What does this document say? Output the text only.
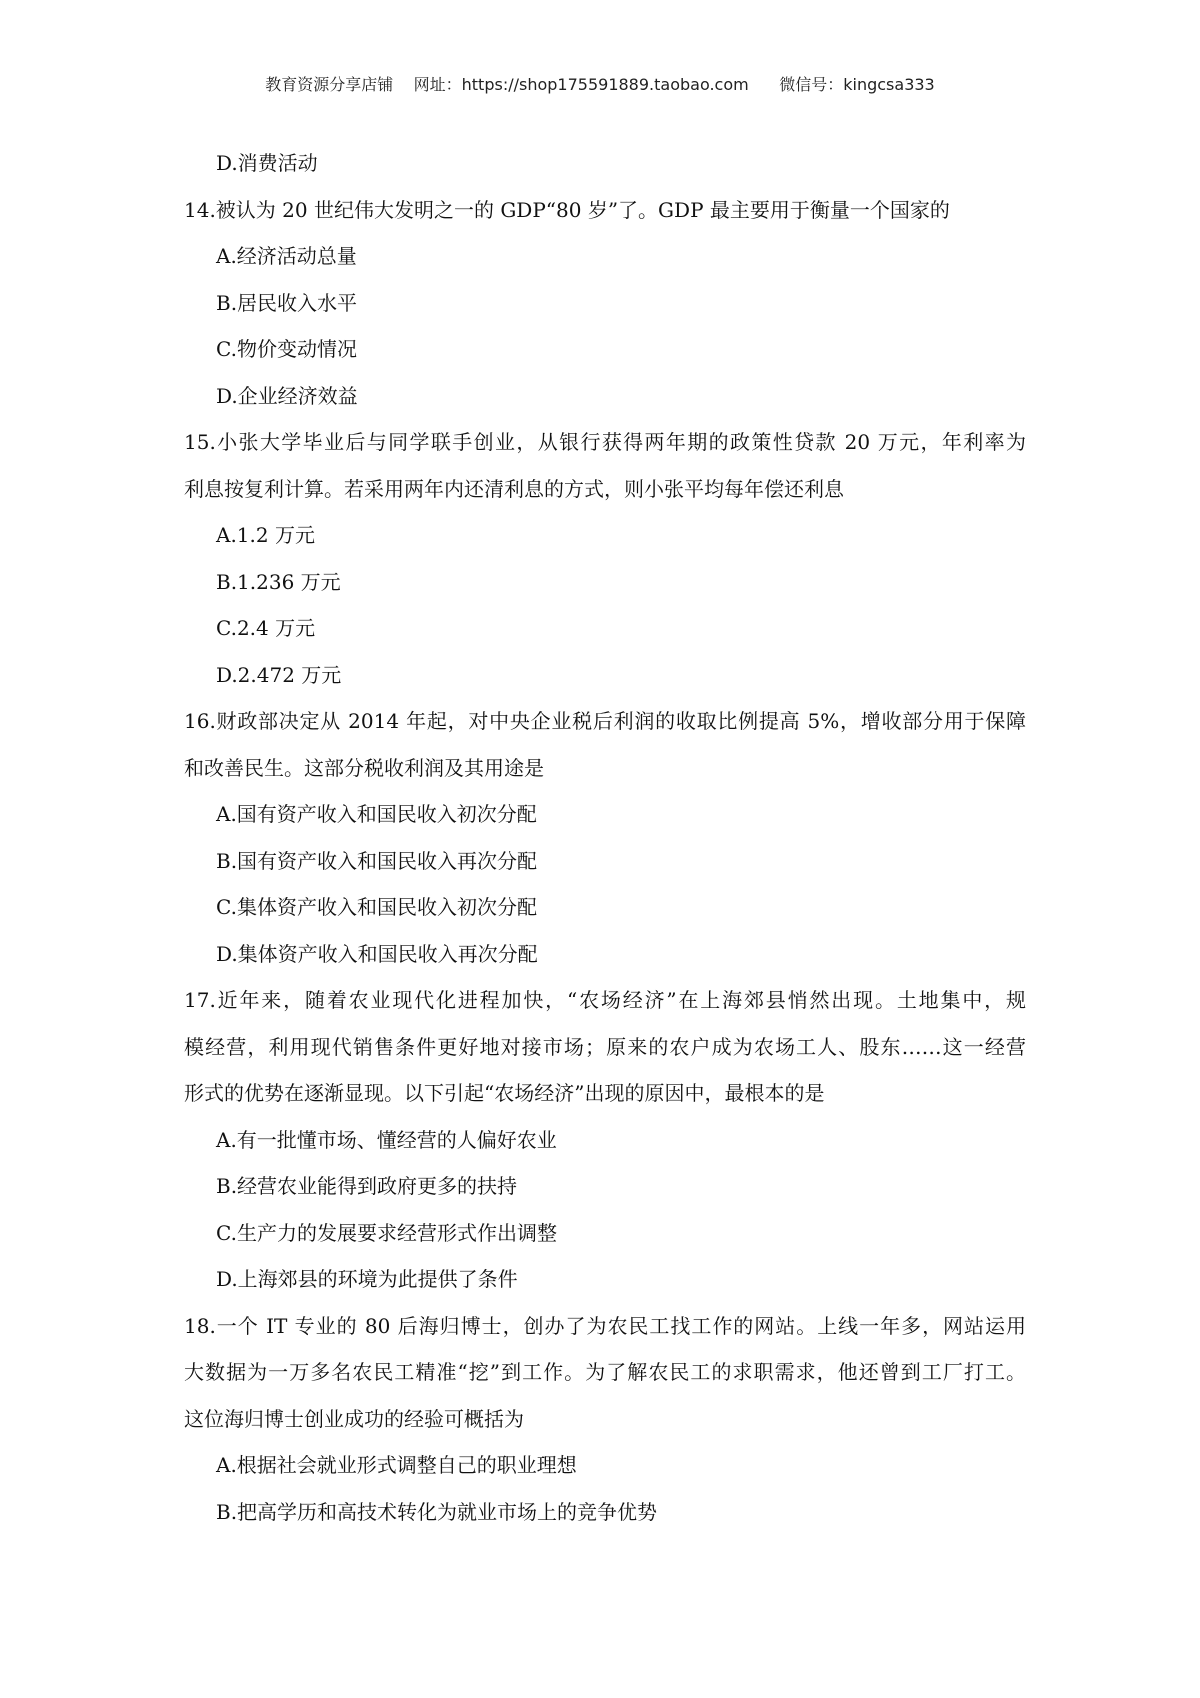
教育资源分享店铺 网址：https://shop175591889.taobao.com 微信号：kingcsa333
D.消费活动
14.被认为 20 世纪伟大发明之一的 GDP“80 岁”了。GDP 最主要用于衡量一个国家的
A.经济活动总量
B.居民收入水平
C.物价变动情况
D.企业经济效益
15.小张大学毕业后与同学联手创业，从银行获得两年期的政策性贷款 20 万元，年利率为
利息按复利计算。若采用两年内还清利息的方式，则小张平均每年偿还利息
A.1.2 万元
B.1.236 万元
C.2.4 万元
D.2.472 万元
16.财政部决定从 2014 年起，对中央企业税后利润的收取比例提高 5%，增收部分用于保障
和改善民生。这部分税收利润及其用途是
A.国有资产收入和国民收入初次分配
B.国有资产收入和国民收入再次分配
C.集体资产收入和国民收入初次分配
D.集体资产收入和国民收入再次分配
17.近年来，随着农业现代化进程加快，“农场经济”在上海郊县悄然出现。土地集中，规
模经营，利用现代销售条件更好地对接市场；原来的农户成为农场工人、股东……这一经营
形式的优势在逐渐显现。以下引起“农场经济”出现的原因中，最根本的是
A.有一批懂市场、懂经营的人偏好农业
B.经营农业能得到政府更多的扶持
C.生产力的发展要求经营形式作出调整
D.上海郊县的环境为此提供了条件
18.一个 IT 专业的 80 后海归博士，创办了为农民工找工作的网站。上线一年多，网站运用
大数据为一万多名农民工精准“挖”到工作。为了解农民工的求职需求，他还曾到工厂打工。
这位海归博士创业成功的经验可概括为
A.根据社会就业形式调整自己的职业理想
B.把高学历和高技术转化为就业市场上的竞争优势
